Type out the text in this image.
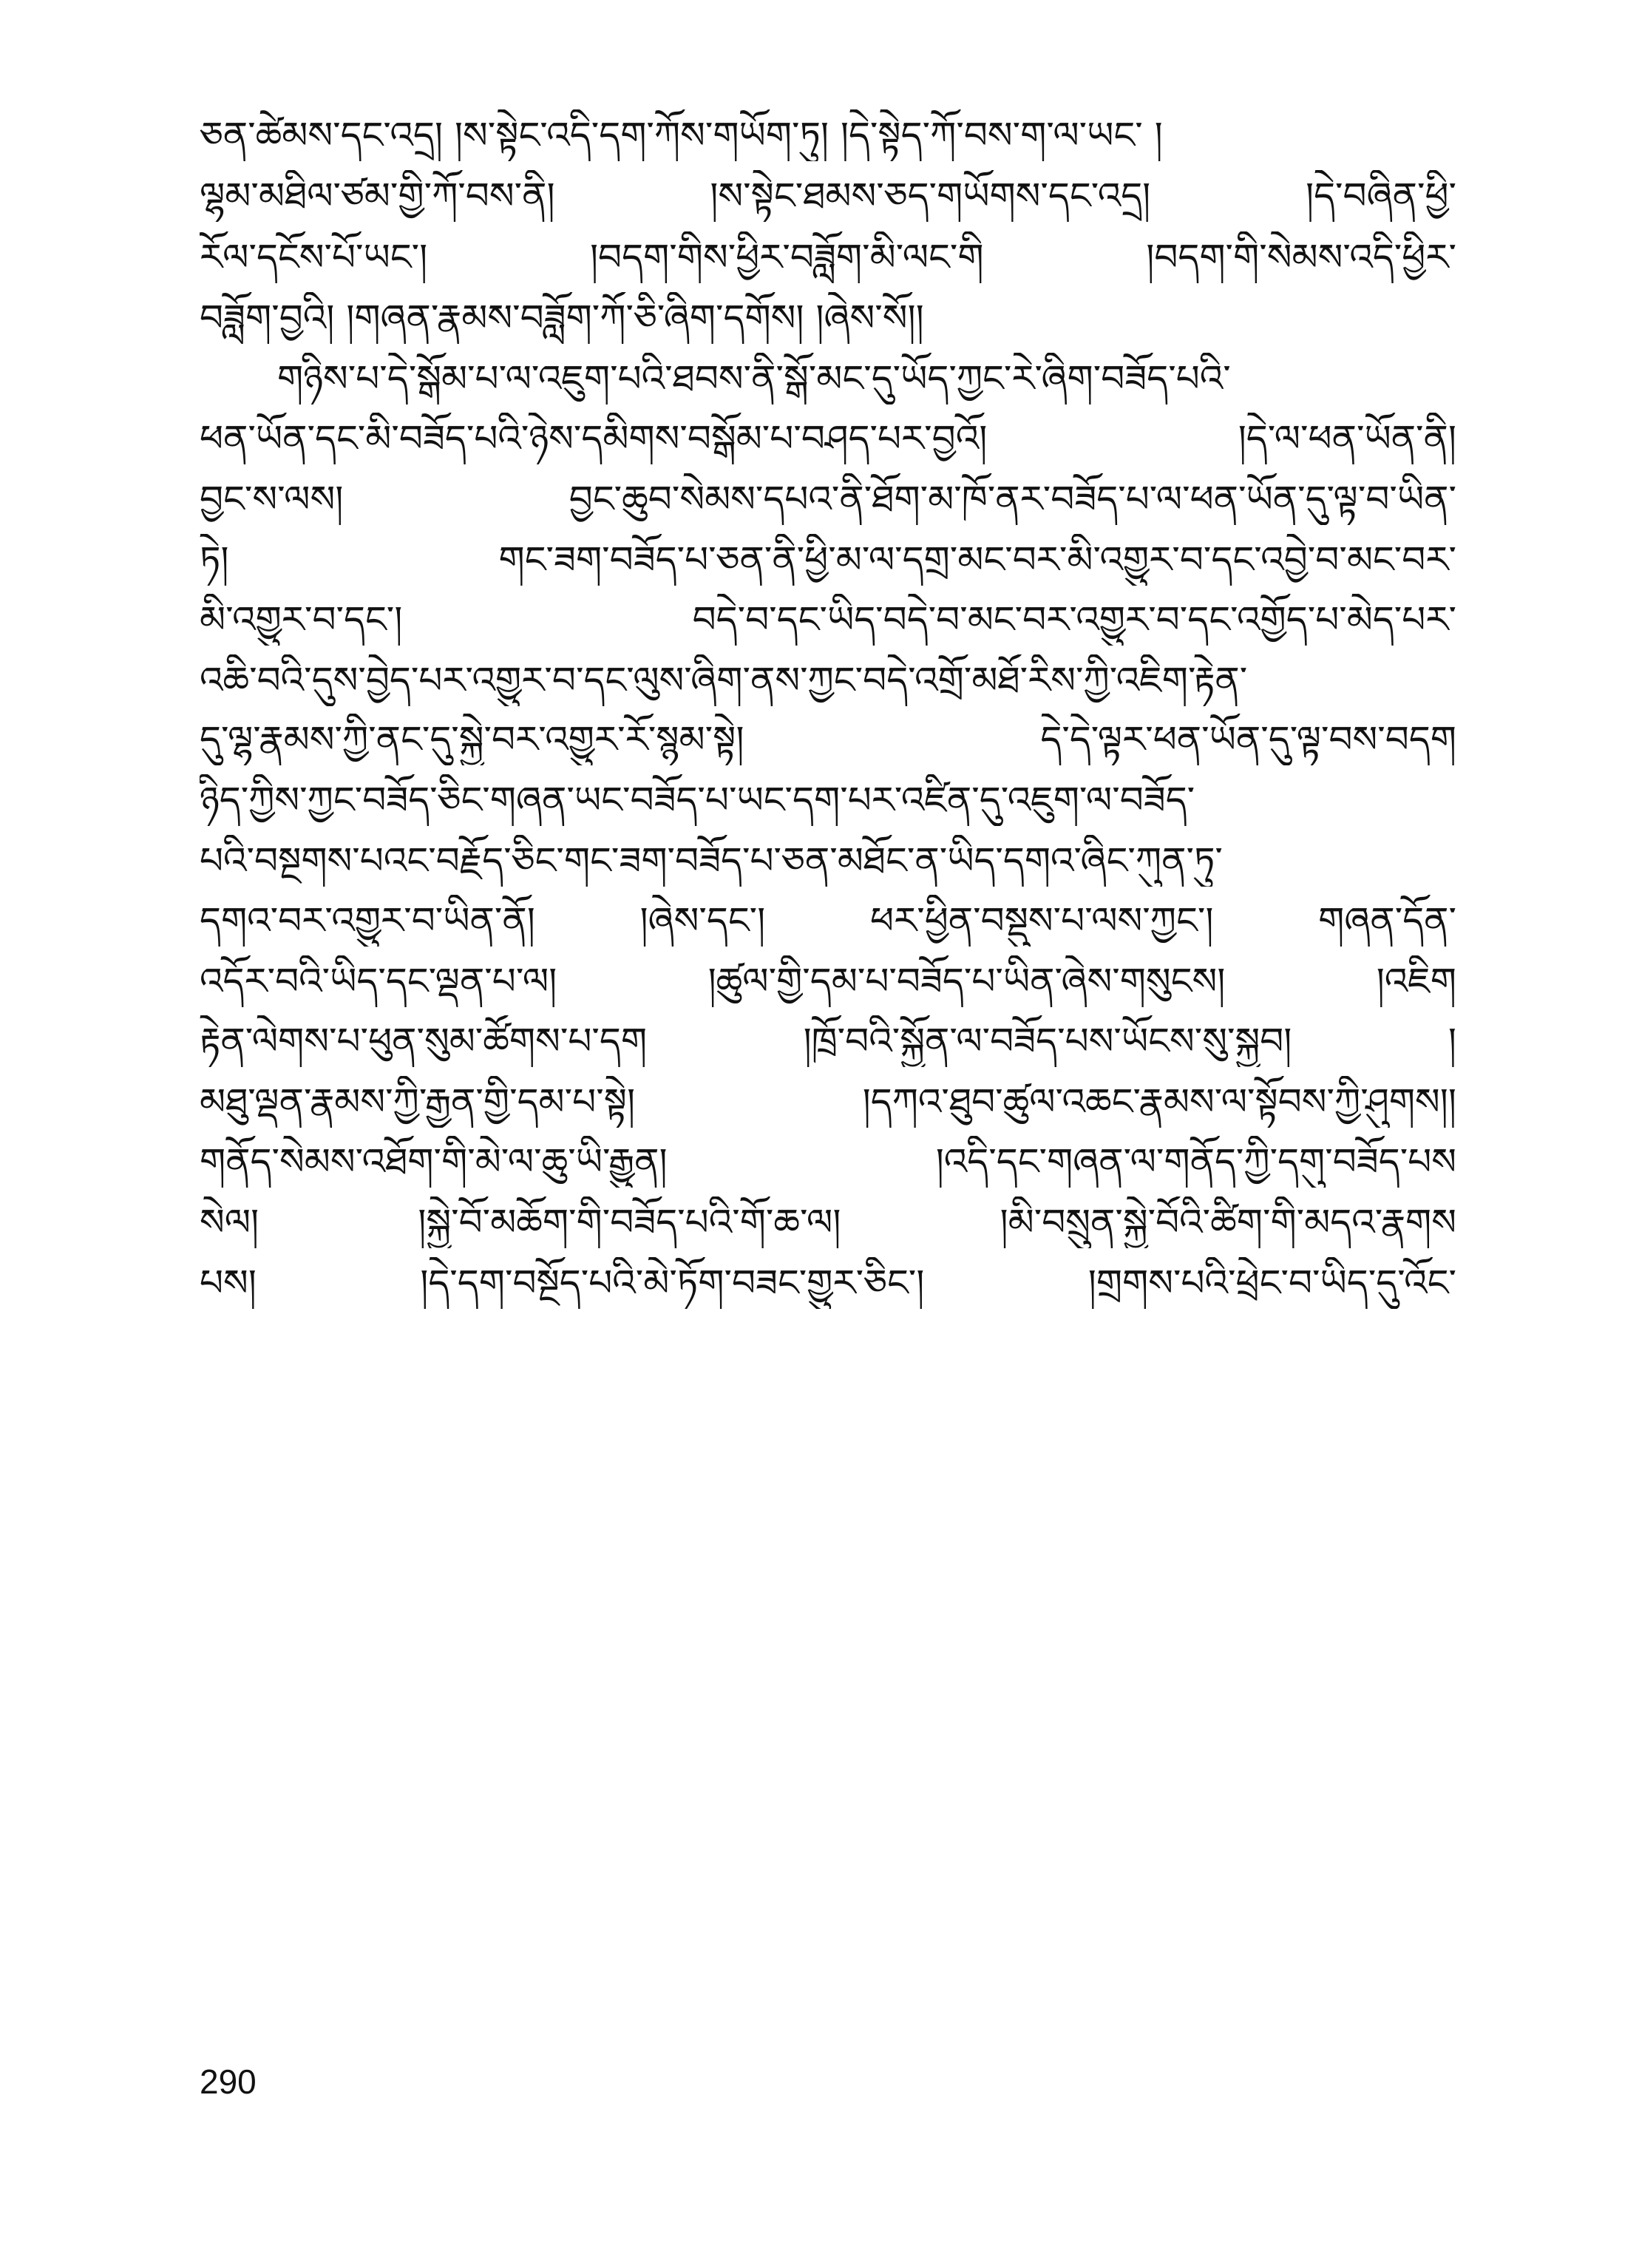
ཅན་ཚེམས་དང་འདྲ། །ས་སྟེང་འདི་དག་ཀོས་གཡོག་ཏུ། །དེ་སྟེད་ཀོ་བས་ག་ལ་ཡང་ །
ལྷམ་མཐིལ་ཙམ་གྱི་ཀོ་བས་ནི། །ས་སྟེང་ཐམས་ཅད་གཡོགས་དང་འདྲ། །དེ་བཞིན་ཕྱི་
རོལ་དངོས་པོ་ཡང་། །བདག་གིས་ཕྱིར་བཟློག་མི་ལང་གི །བདག་གི་སེམས་འདི་ཕྱིར་
བཟློག་བྱའི། །གཞན་རྣམས་བཟློག་ཀོ་ཅི་ཞིག་དགོས། །ཞེས་སོ།།
གཉིས་པ་དེ་སྒོམ་པ་ལ་འཇུག་པའི་ཐབས་ནི་སྒོ་མང་དུ་ཡོད་ཀྱང་རེ་ཞིག་བཟོད་པའི་
ཕན་ཡོན་དང་མི་བཟོད་པའི་ཉེས་དམིགས་བསྒོམ་པ་བཤད་པར་བྱའོ། །དེ་ལ་ཕན་ཡོན་ནི།
བྱང་ས་ལས། བྱང་ཆུབ་སེམས་དཔའ་ནི་ཐོག་མ་ཁོ་ནར་བཟོད་པ་ལ་ཕན་ཡོན་དུ་ལྟ་བ་ཡིན་
ཏེ། གང་ཟག་བཟོད་པ་ཅན་ནི་ཕྱི་མ་ལ་དགྲ་མང་བར་མི་འགྱུར་བ་དང་འབྱེ་བ་མང་བར་
མི་འགྱུར་བ་དང་། བདེ་བ་དང་ཡིད་བདེ་བ་མང་བར་འགྱུར་བ་དང་འགྱོད་པ་མེད་པར་
འཆི་བའི་དུས་བྱེད་པར་འགྱུར་བ་དང་ལུས་ཞིག་ནས་ཀྱང་བདེ་འགྲོ་མཐོ་རིས་ཀྱི་འཇིག་རྟེན་
དུ་ལྷ་རྣམས་ཀྱི་ནང་དུ་སྐྱེ་བར་འགྱུར་རོ་སྙམ་སྟེ། དེ་དེ་ལྟར་ཕན་ཡོན་དུ་ལྟ་བས་བདག
ཉིད་ཀྱིས་ཀྱང་བཟོད་ཅིང་གཞན་ཡང་བཟོད་པ་ཡང་དག་པར་འཛིན་དུ་འཇུག་ལ་བཟོད་
པའི་བསྔགས་པའང་བརྗོད་ཅིང་གང་ཟག་བཟོད་པ་ཅན་མཐོང་ན་ཡིད་དགའ་ཞིང་ཀུན་ཏུ་
དགའ་བར་འགྱུར་བ་ཡིན་ནོ། །ཞེས་དང་། ཕར་ཕྱིན་བསྡུས་པ་ལས་ཀྱང་། གཞན་དོན་
འདོར་བའི་ཡིད་དང་ལྡན་པ་ལ། །ཚུལ་གྱི་དམ་པ་བཟོད་པ་ཡིན་ཞེས་གསུངས། །འཇིག
རྟེན་ལེགས་པ་ཕུན་སུམ་ཚོགས་པ་དག །ཁྲོ་བའི་སྐྱོན་ལ་བཟོད་པས་ཡོངས་སུ་སྐྱབ། །
མཐུ་ལྡན་རྣམས་ཀྱི་རྒྱན་གྱི་དམ་པ་སྟེ། །དཀའ་ཐུབ་ཚུལ་འཆང་རྣམས་ལ་སྟོབས་ཀྱི་ཤུགས།།
གནོད་སེམས་འཐོག་གི་མེ་ལ་ཆུ་ཡི་རྒྱུན། །འདི་དང་གཞན་ལ་གནོད་ཀྱི་དགུ་བཟོད་པས
སེལ། །སྐྱེ་བོ་མཆོག་གི་བཟོད་པའི་གོ་ཆ་ལ། །མི་བསྲུན་སྐྱེ་བོའི་ཚིག་གི་མདའ་རྣགས
པས། །དེ་དག་བསྔོད་པའི་མེ་ཏོག་བཟང་གྱུར་ཅིང་། །གྲགས་པའི་ཕྲེང་བ་ཡིད་དུ་འོང་
290
